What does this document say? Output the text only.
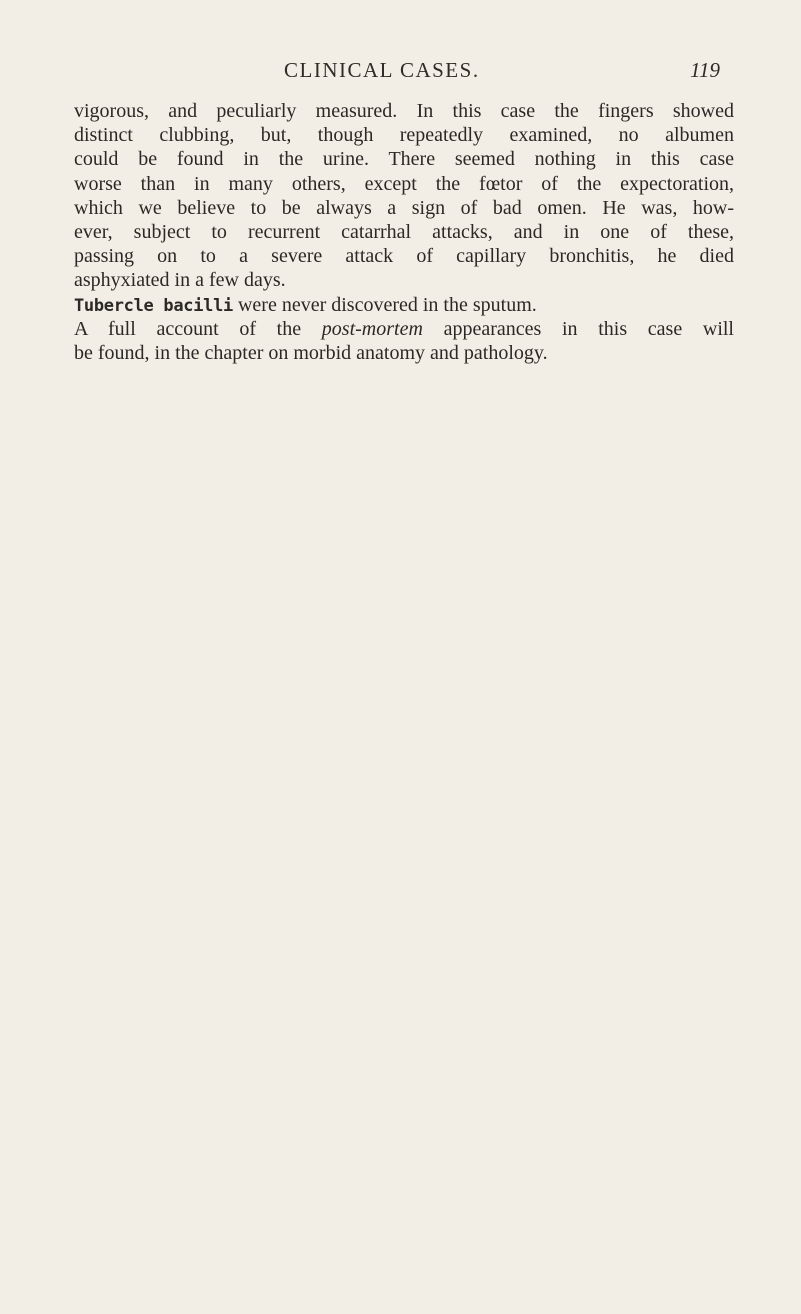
CLINICAL CASES.	119
vigorous, and peculiarly measured. In this case the fingers showed
distinct clubbing, but, though repeatedly examined, no albumen
could be found in the urine. There seemed nothing in this case
worse than in many others, except the fœtor of the expectoration,
which we believe to be always a sign of bad omen. He was, how-
ever, subject to recurrent catarrhal attacks, and in one of these,
passing on to a severe attack of capillary bronchitis, he died
asphyxiated in a few days.
Tubercle bacilli were never discovered in the sputum.
A full account of the post-mortem appearances in this case will
be found, in the chapter on morbid anatomy and pathology.
